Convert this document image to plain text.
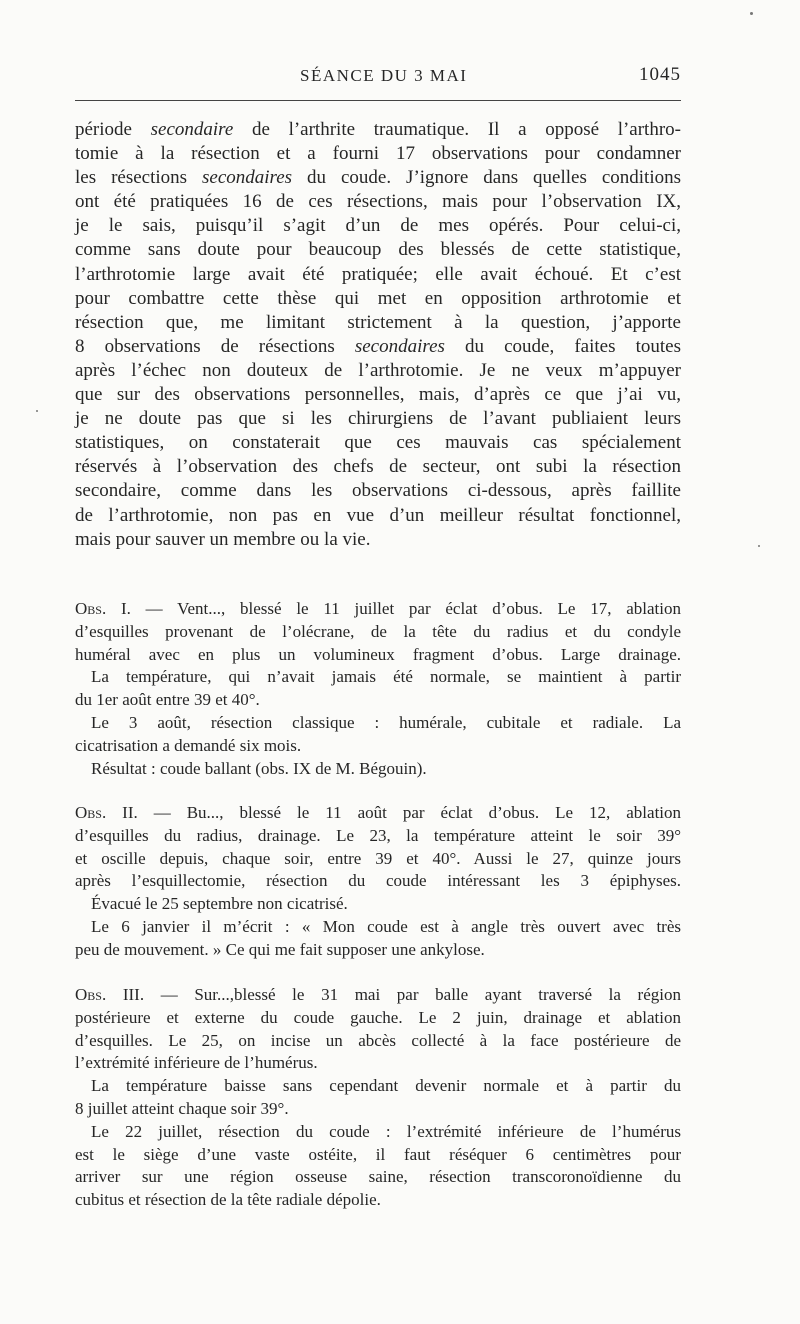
SÉANCE DU 3 MAI	1045
période secondaire de l’arthrite traumatique. Il a opposé l’arthro-
tomie à la résection et a fourni 17 observations pour condamner
les résections secondaires du coude. J’ignore dans quelles conditions
ont été pratiquées 16 de ces résections, mais pour l’observation IX,
je le sais, puisqu’il s’agit d’un de mes opérés. Pour celui-ci,
comme sans doute pour beaucoup des blessés de cette statistique,
l’arthrotomie large avait été pratiquée; elle avait échoué. Et c’est
pour combattre cette thèse qui met en opposition arthrotomie et
résection que, me limitant strictement à la question, j’apporte
8 observations de résections secondaires du coude, faites toutes
après l’échec non douteux de l’arthrotomie. Je ne veux m’appuyer
que sur des observations personnelles, mais, d’après ce que j’ai vu,
je ne doute pas que si les chirurgiens de l’avant publiaient leurs
statistiques, on constaterait que ces mauvais cas spécialement
réservés à l’observation des chefs de secteur, ont subi la résection
secondaire, comme dans les observations ci-dessous, après faillite
de l’arthrotomie, non pas en vue d’un meilleur résultat fonctionnel,
mais pour sauver un membre ou la vie.
Obs. I. — Vent..., blessé le 11 juillet par éclat d’obus. Le 17, ablation
d’esquilles provenant de l’olécrane, de la tête du radius et du condyle
huméral avec en plus un volumineux fragment d’obus. Large drainage.
La température, qui n’avait jamais été normale, se maintient à partir
du 1er août entre 39 et 40°.
Le 3 août, résection classique : humérale, cubitale et radiale. La
cicatrisation a demandé six mois.
Résultat : coude ballant (obs. IX de M. Bégouin).
Obs. II. — Bu..., blessé le 11 août par éclat d’obus. Le 12, ablation
d’esquilles du radius, drainage. Le 23, la température atteint le soir 39°
et oscille depuis, chaque soir, entre 39 et 40°. Aussi le 27, quinze jours
après l’esquillectomie, résection du coude intéressant les 3 épiphyses.
Évacué le 25 septembre non cicatrisé.
Le 6 janvier il m’écrit : « Mon coude est à angle très ouvert avec très
peu de mouvement. » Ce qui me fait supposer une ankylose.
Obs. III. — Sur...,blessé le 31 mai par balle ayant traversé la région
postérieure et externe du coude gauche. Le 2 juin, drainage et ablation
d’esquilles. Le 25, on incise un abcès collecté à la face postérieure de
l’extrémité inférieure de l’humérus.
La température baisse sans cependant devenir normale et à partir du
8 juillet atteint chaque soir 39°.
Le 22 juillet, résection du coude : l’extrémité inférieure de l’humérus
est le siège d’une vaste ostéite, il faut réséquer 6 centimètres pour
arriver sur une région osseuse saine, résection transcoronoïdienne du
cubitus et résection de la tête radiale dépolie.
